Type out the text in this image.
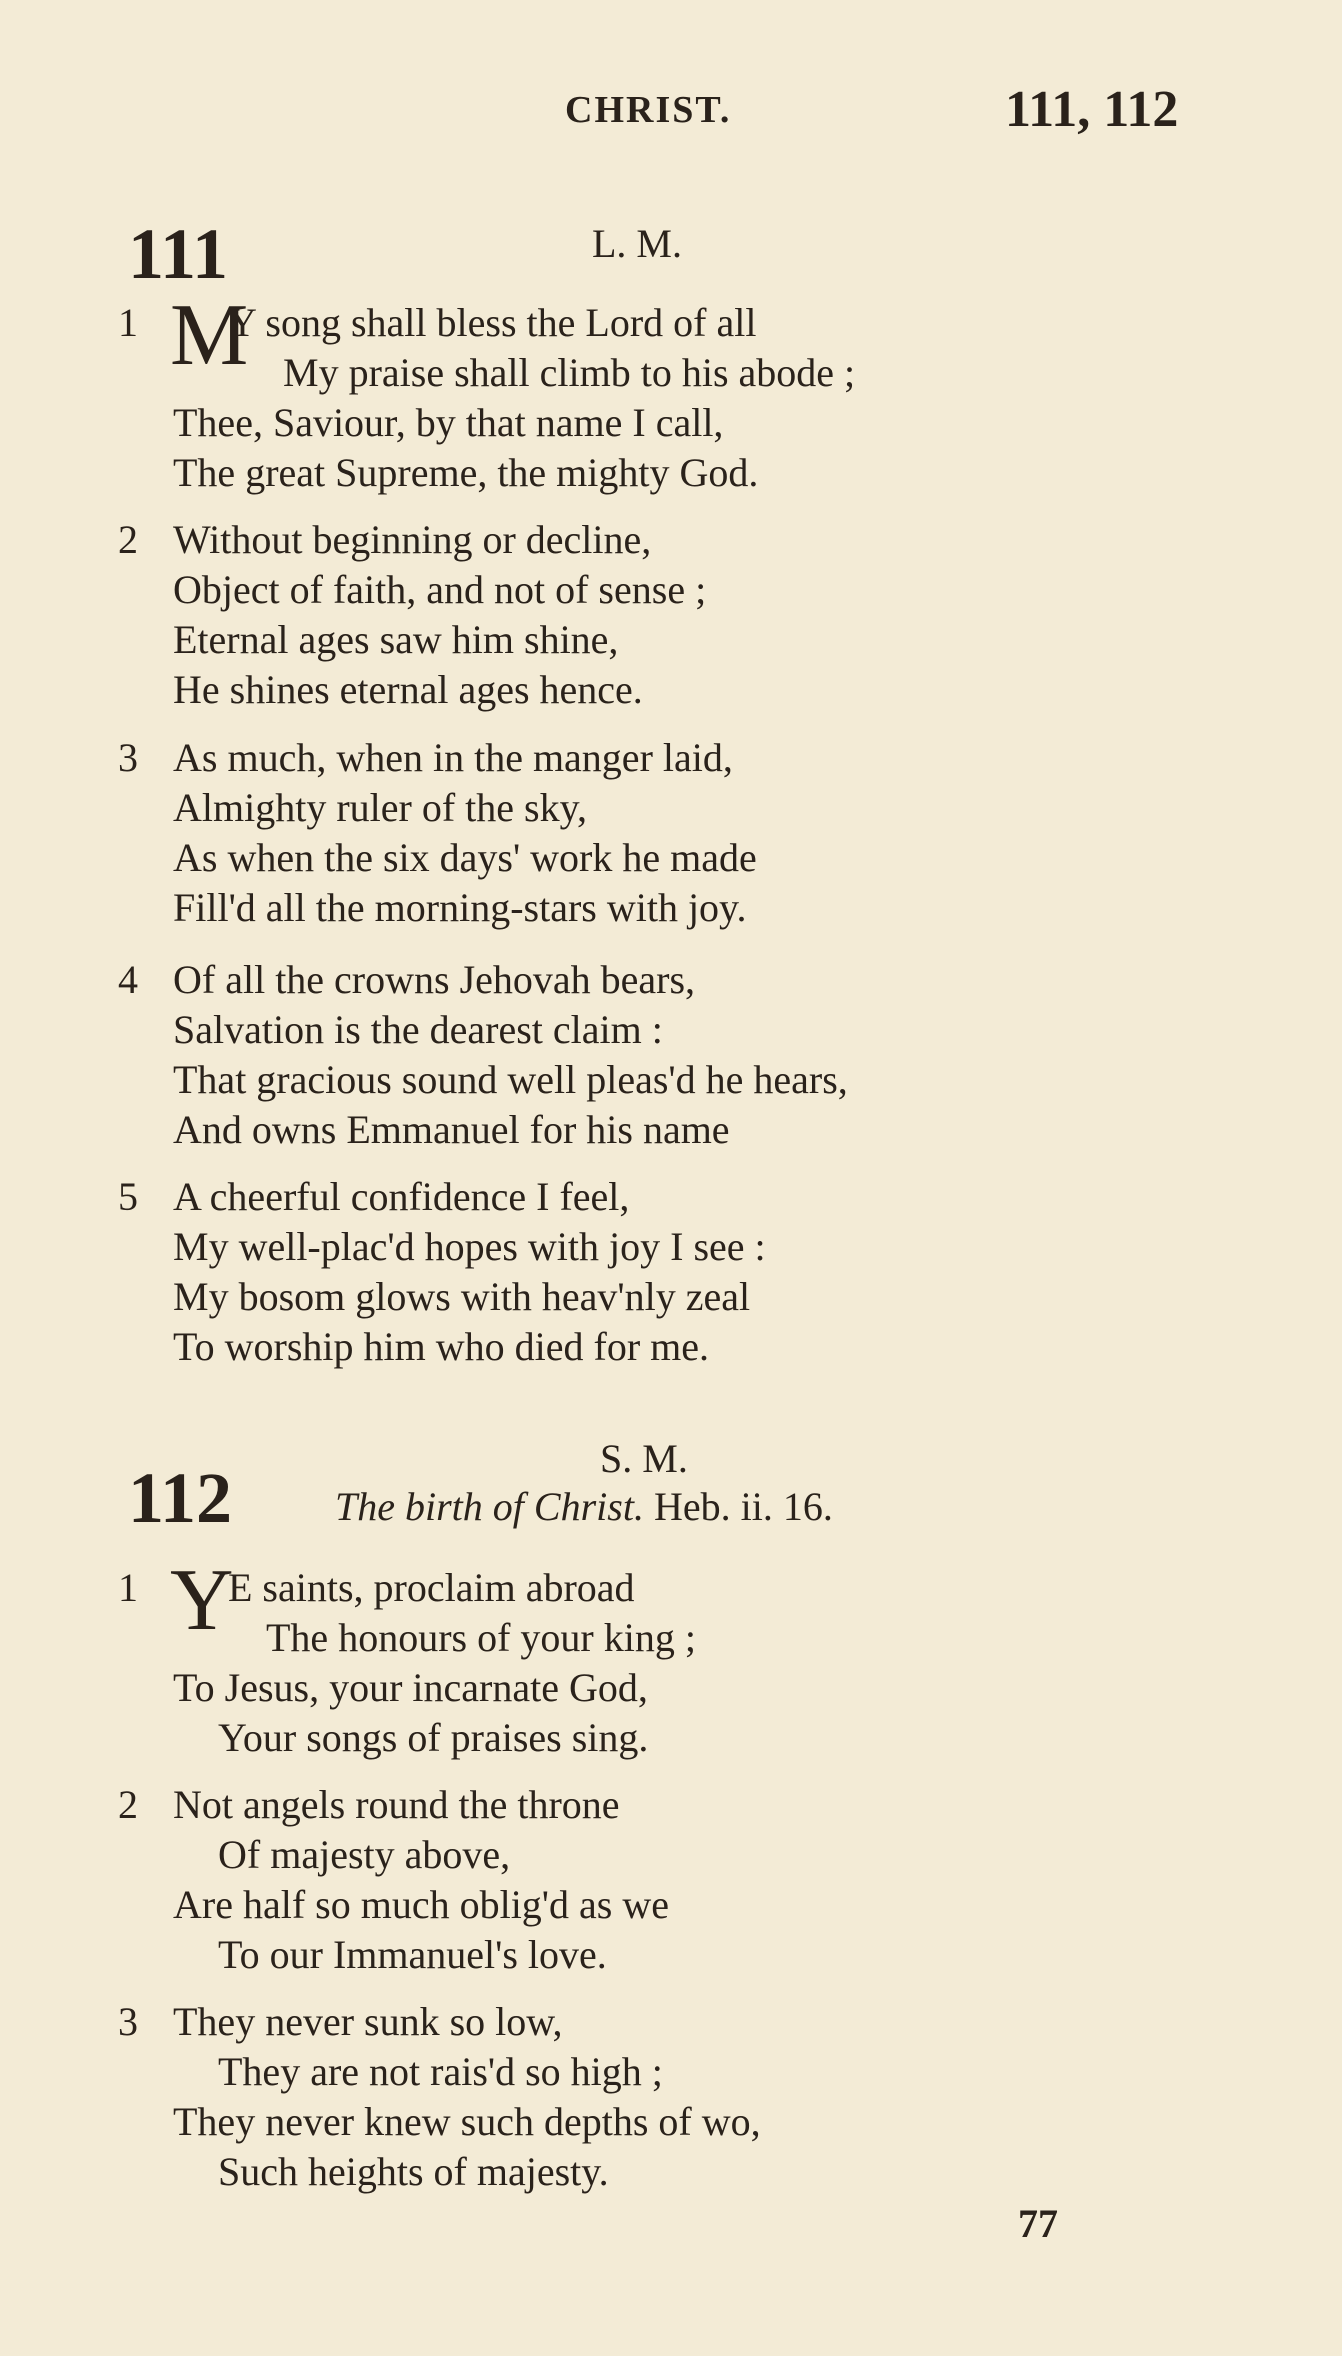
CHRIST.	111, 112
111	L. M.
1 M
Y song shall bless the Lord of all
My praise shall climb to his abode ;
Thee, Saviour, by that name I call,
The great Supreme, the mighty God.
2 Without beginning or decline,
Object of faith, and not of sense ;
Eternal ages saw him shine,
He shines eternal ages hence.
3 As much, when in the manger laid,
Almighty ruler of the sky,
As when the six days' work he made
Fill'd all the morning-stars with joy.
4 Of all the crowns Jehovah bears,
Salvation is the dearest claim :
That gracious sound well pleas'd he hears,
And owns Emmanuel for his name
5 A cheerful confidence I feel,
My well-plac'd hopes with joy I see :
My bosom glows with heav'nly zeal
To worship him who died for me.
S. M.
112	The birth of Christ. Heb. ii. 16.
1 Y
E saints, proclaim abroad
The honours of your king ;
To Jesus, your incarnate God,
Your songs of praises sing.
2 Not angels round the throne
Of majesty above,
Are half so much oblig'd as we
To our Immanuel's love.
3 They never sunk so low,
They are not rais'd so high ;
They never knew such depths of wo,
Such heights of majesty.
77
